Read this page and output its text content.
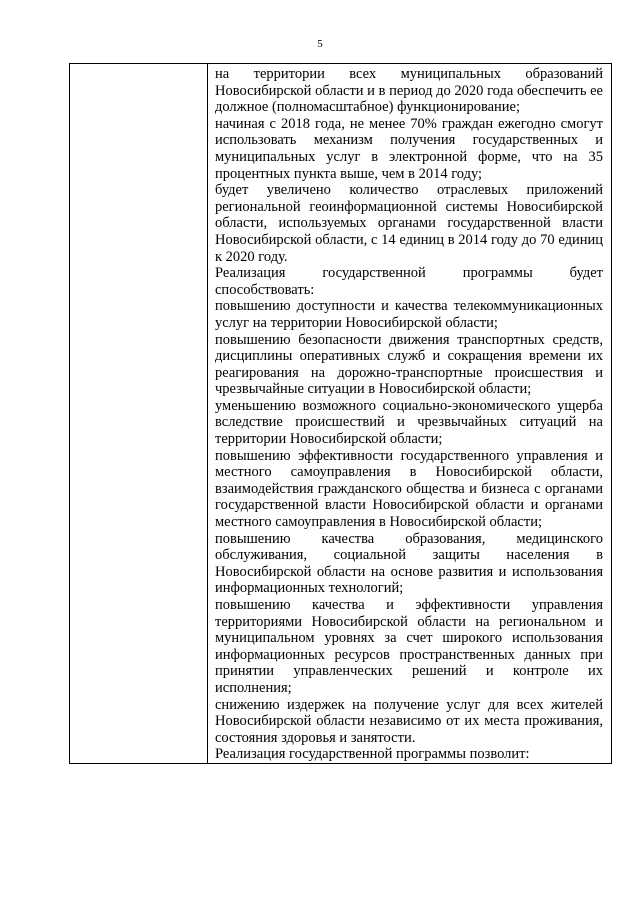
5

на территории всех муниципальных образований Новосибирской области и в период до 2020 года обеспечить ее должное (полномасштабное) функционирование;

начиная с 2018 года, не менее 70% граждан ежегодно смогут использовать механизм получения государственных и муниципальных услуг в электронной форме, что на 35 процентных пункта выше, чем в 2014 году;

будет увеличено количество отраслевых приложений региональной геоинформационной системы Новосибирской области, используемых органами государственной власти Новосибирской области, с 14 единиц в 2014 году до 70 единиц к 2020 году.

Реализация государственной программы будет способствовать:

повышению доступности и качества телекоммуникационных услуг на территории Новосибирской области;

повышению безопасности движения транспортных средств, дисциплины оперативных служб и сокращения времени их реагирования на дорожно-транспортные происшествия и чрезвычайные ситуации в Новосибирской области;

уменьшению возможного социально-экономического ущерба вследствие происшествий и чрезвычайных ситуаций на территории Новосибирской области;

повышению эффективности государственного управления и местного самоуправления в Новосибирской области, взаимодействия гражданского общества и бизнеса с органами государственной власти Новосибирской области и органами местного самоуправления в Новосибирской области;

повышению качества образования, медицинского обслуживания, социальной защиты населения в Новосибирской области на основе развития и использования информационных технологий;

повышению качества и эффективности управления территориями Новосибирской области на региональном и муниципальном уровнях за счет широкого использования информационных ресурсов пространственных данных при принятии управленческих решений и контроле их исполнения;

снижению издержек на получение услуг для всех жителей Новосибирской области независимо от их места проживания, состояния здоровья и занятости.

Реализация государственной программы позволит:
